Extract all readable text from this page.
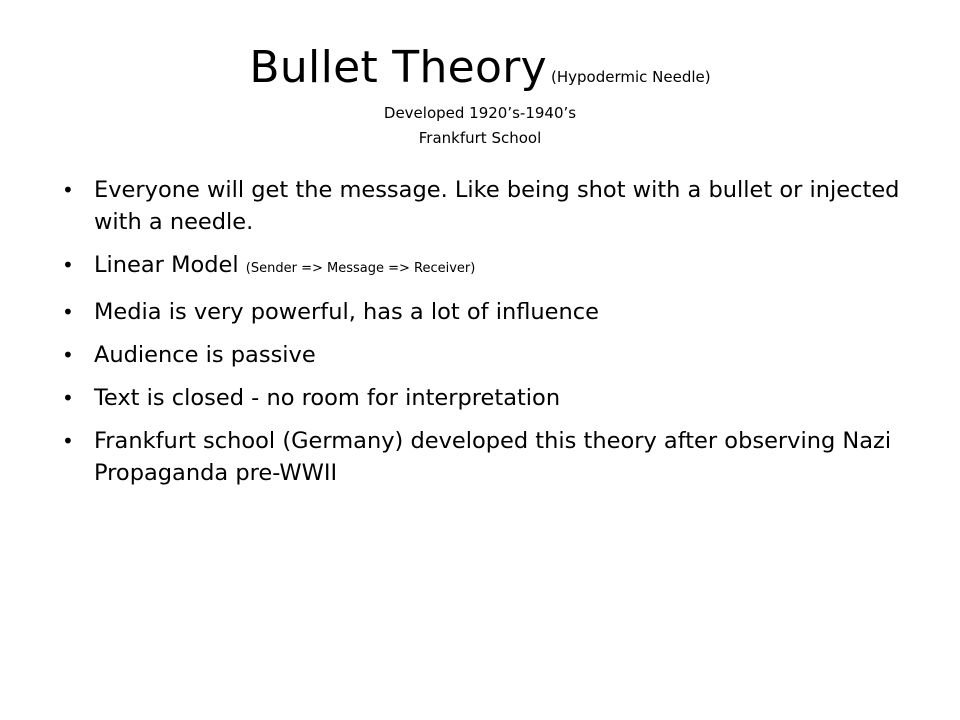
Bullet Theory (Hypodermic Needle)
Developed 1920’s-1940’s
Frankfurt School
• Everyone will get the message. Like being shot with a bullet or injected with a needle.
• Linear Model (Sender => Message => Receiver)
• Media is very powerful, has a lot of influence
• Audience is passive
• Text is closed - no room for interpretation
• Frankfurt school (Germany) developed this theory after observing Nazi Propaganda pre-WWII
